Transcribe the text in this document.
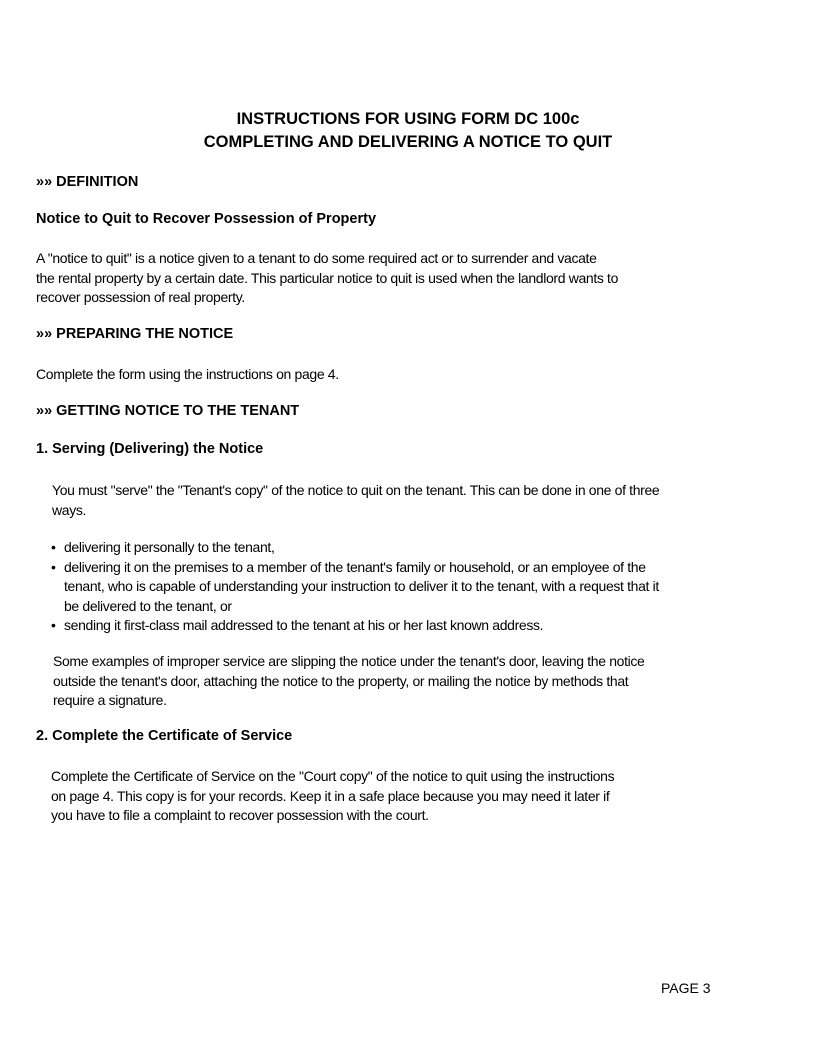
INSTRUCTIONS FOR USING FORM DC 100c
COMPLETING AND DELIVERING A NOTICE TO QUIT
»» DEFINITION
Notice to Quit to Recover Possession of Property

A "notice to quit" is a notice given to a tenant to do some required act or to surrender and vacate
the rental property by a certain date. This particular notice to quit is used when the landlord wants to
recover possession of real property.

»» PREPARING THE NOTICE

Complete the form using the instructions on page 4.

»» GETTING NOTICE TO THE TENANT
1. Serving (Delivering) the Notice

You must "serve" the "Tenant's copy" of the notice to quit on the tenant. This can be done in one of three
ways.

• delivering it personally to the tenant,
• delivering it on the premises to a member of the tenant's family or household, or an employee of the
tenant, who is capable of understanding your instruction to deliver it to the tenant, with a request that it
be delivered to the tenant, or
• sending it first-class mail addressed to the tenant at his or her last known address.

Some examples of improper service are slipping the notice under the tenant's door, leaving the notice
outside the tenant's door, attaching the notice to the property, or mailing the notice by methods that
require a signature.

2. Complete the Certificate of Service

Complete the Certificate of Service on the "Court copy" of the notice to quit using the instructions
on page 4. This copy is for your records. Keep it in a safe place because you may need it later if
you have to file a complaint to recover possession with the court.

PAGE 3
